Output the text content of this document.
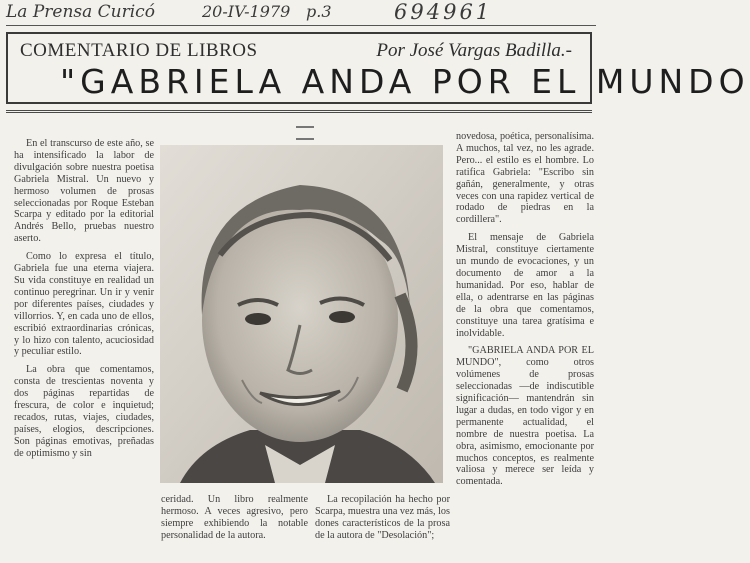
La Prensa Curicó	20-IV-1979 p.3	694961
COMENTARIO DE LIBROS	Por José Vargas Badilla.-
"GABRIELA ANDA POR EL MUNDO

En el transcurso de este año, se ha intensificado la labor de divulgación sobre nuestra poetisa Gabriela Mistral. Un nuevo y hermoso volumen de prosas seleccionadas por Roque Esteban Scarpa y editado por la editorial Andrés Bello, pruebas nuestro aserto.

Como lo expresa el título, Gabriela fue una eterna viajera. Su vida constituye en realidad un continuo peregrinar. Un ir y venir por diferentes países, ciudades y villorrios. Y, en cada uno de ellos, escribió extraordinarias crónicas, y lo hizo con talento, acuciosidad y peculiar estilo.

La obra que comentamos, consta de trescientas noventa y dos páginas repartidas de frescura, de color e inquietud; recados, rutas, viajes, ciudades, países, elogios, descripciones. Son páginas emotivas, preñadas de optimismo y sin

ceridad. Un libro realmente hermoso. A veces agresivo, pero siempre exhibiendo la notable personalidad de la autora.

La recopilación ha hecho por Scarpa, muestra una vez más, los dones característicos de la prosa de la autora de "Desolación";

novedosa, poética, personalísima. A muchos, tal vez, no les agrade. Pero... el estilo es el hombre. Lo ratifica Gabriela: "Escribo sin gañán, generalmente, y otras veces con una rapidez vertical de rodado de piedras en la cordillera".

El mensaje de Gabriela Mistral, constituye ciertamente un mundo de evocaciones, y un documento de amor a la humanidad. Por eso, hablar de ella, o adentrarse en las páginas de la obra que comentamos, constituye una tarea gratísima e inolvidable.

"GABRIELA ANDA POR EL MUNDO", como otros volúmenes de prosas seleccionadas —de indiscutible significación— mantendrán sin lugar a dudas, en todo vigor y en permanente actualidad, el nombre de nuestra poetisa. La obra, asimismo, emocionante por muchos conceptos, es realmente valiosa y merece ser leída y comentada.
